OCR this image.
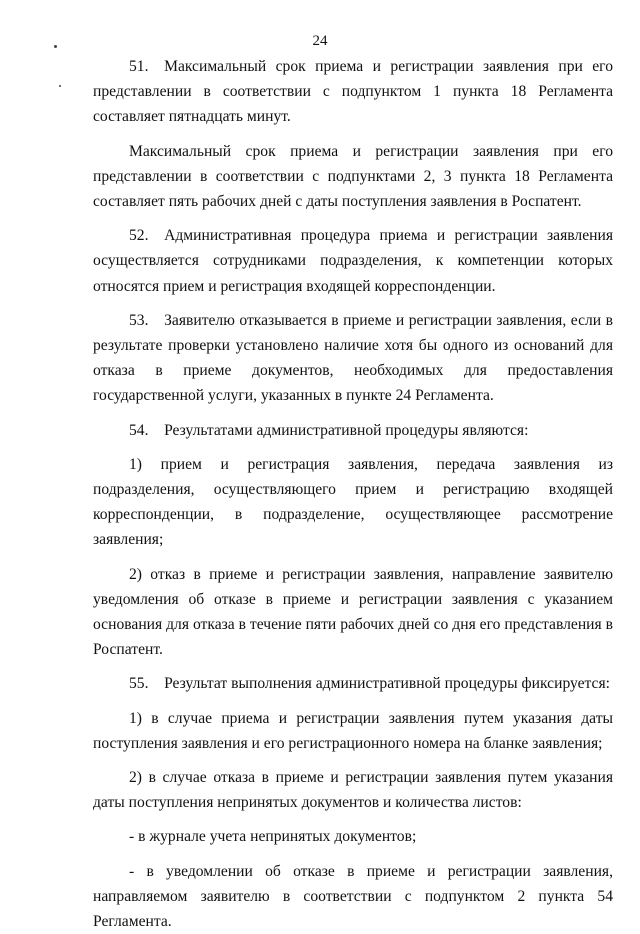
24

51. Максимальный срок приема и регистрации заявления при его представлении в соответствии с подпунктом 1 пункта 18 Регламента составляет пятнадцать минут.

Максимальный срок приема и регистрации заявления при его представлении в соответствии с подпунктами 2, 3 пункта 18 Регламента составляет пять рабочих дней с даты поступления заявления в Роспатент.

52. Административная процедура приема и регистрации заявления осуществляется сотрудниками подразделения, к компетенции которых относятся прием и регистрация входящей корреспонденции.

53. Заявителю отказывается в приеме и регистрации заявления, если в результате проверки установлено наличие хотя бы одного из оснований для отказа в приеме документов, необходимых для предоставления государственной услуги, указанных в пункте 24 Регламента.

54. Результатами административной процедуры являются:

1) прием и регистрация заявления, передача заявления из подразделения, осуществляющего прием и регистрацию входящей корреспонденции, в подразделение, осуществляющее рассмотрение заявления;

2) отказ в приеме и регистрации заявления, направление заявителю уведомления об отказе в приеме и регистрации заявления с указанием основания для отказа в течение пяти рабочих дней со дня его представления в Роспатент.

55. Результат выполнения административной процедуры фиксируется:

1) в случае приема и регистрации заявления путем указания даты поступления заявления и его регистрационного номера на бланке заявления;

2) в случае отказа в приеме и регистрации заявления путем указания даты поступления непринятых документов и количества листов:

- в журнале учета непринятых документов;

- в уведомлении об отказе в приеме и регистрации заявления, направляемом заявителю в соответствии с подпунктом 2 пункта 54 Регламента.
